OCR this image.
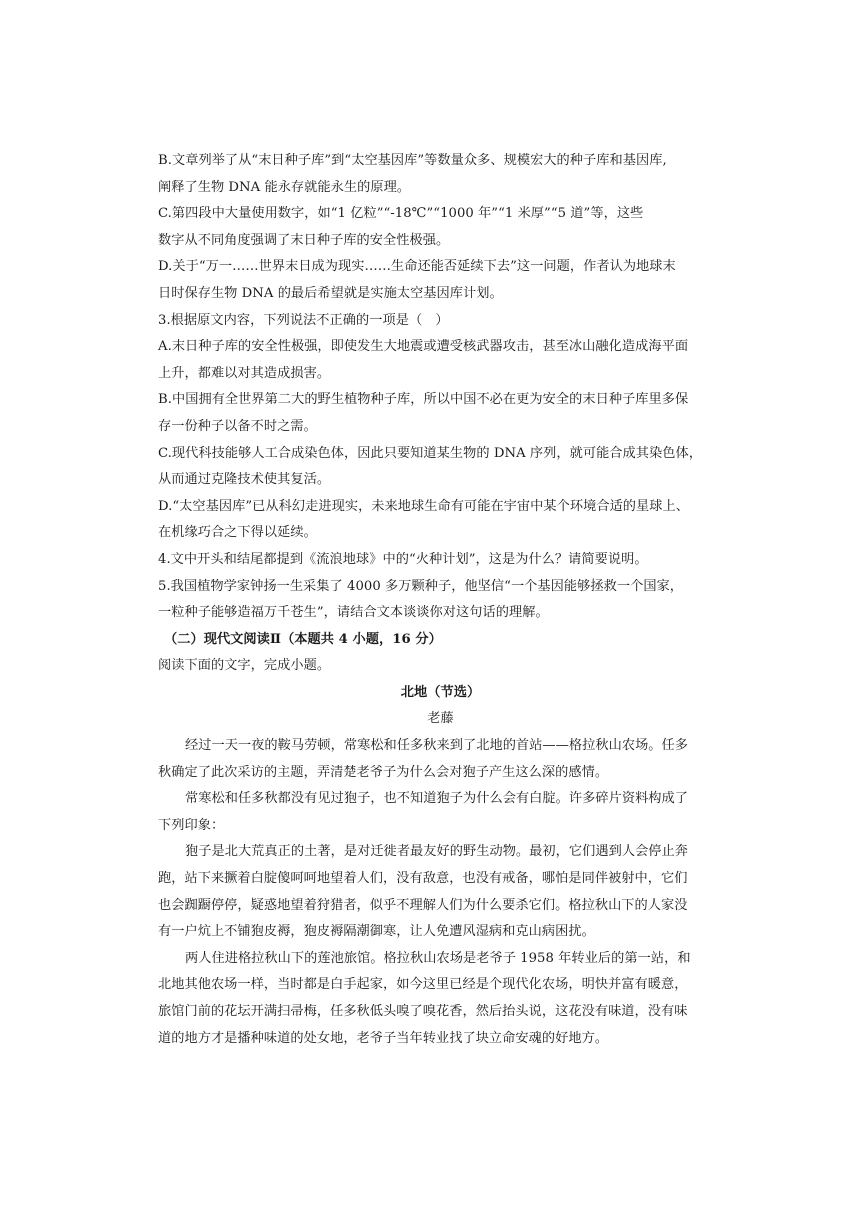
B.文章列举了从“末日种子库”到“太空基因库”等数量众多、规模宏大的种子库和基因库,
阐释了生物 DNA 能永存就能永生的原理。
C.第四段中大量使用数字，如“1 亿粒”“-18℃”“1000 年”“1 米厚”“5 道”等，这些
数字从不同角度强调了末日种子库的安全性极强。
D.关于“万一……世界末日成为现实……生命还能否延续下去”这一问题，作者认为地球末
日时保存生物 DNA 的最后希望就是实施太空基因库计划。
3.根据原文内容，下列说法不正确的一项是（　）
A.末日种子库的安全性极强，即使发生大地震或遭受核武器攻击，甚至冰山融化造成海平面
上升，都难以对其造成损害。
B.中国拥有全世界第二大的野生植物种子库，所以中国不必在更为安全的末日种子库里多保
存一份种子以备不时之需。
C.现代科技能够人工合成染色体，因此只要知道某生物的 DNA 序列，就可能合成其染色体，
从而通过克隆技术使其复活。
D.“太空基因库”已从科幻走进现实，未来地球生命有可能在宇宙中某个环境合适的星球上、
在机缘巧合之下得以延续。
4.文中开头和结尾都提到《流浪地球》中的“火种计划”，这是为什么？请简要说明。
5.我国植物学家钟扬一生采集了 4000 多万颗种子，他坚信“一个基因能够拯救一个国家，
一粒种子能够造福万千苍生”，请结合文本谈谈你对这句话的理解。
（二）现代文阅读Ⅱ（本题共 4 小题，16 分）
阅读下面的文字，完成小题。
北地（节选）
老藤
经过一天一夜的鞍马劳顿，常寒松和任多秋来到了北地的首站——格拉秋山农场。任多
秋确定了此次采访的主题，弄清楚老爷子为什么会对狍子产生这么深的感情。
常寒松和任多秋都没有见过狍子，也不知道狍子为什么会有白腚。许多碎片资料构成了
下列印象：
狍子是北大荒真正的土著，是对迁徙者最友好的野生动物。最初，它们遇到人会停止奔
跑，站下来撅着白腚傻呵呵地望着人们，没有敌意，也没有戒备，哪怕是同伴被射中，它们
也会踟蹰停停，疑惑地望着狩猎者，似乎不理解人们为什么要杀它们。格拉秋山下的人家没
有一户炕上不铺狍皮褥，狍皮褥隔潮御寒，让人免遭风湿病和克山病困扰。
两人住进格拉秋山下的莲池旅馆。格拉秋山农场是老爷子 1958 年转业后的第一站，和
北地其他农场一样，当时都是白手起家，如今这里已经是个现代化农场，明快并富有暖意，
旅馆门前的花坛开满扫帚梅，任多秋低头嗅了嗅花香，然后抬头说，这花没有味道，没有味
道的地方才是播种味道的处女地，老爷子当年转业找了块立命安魂的好地方。
